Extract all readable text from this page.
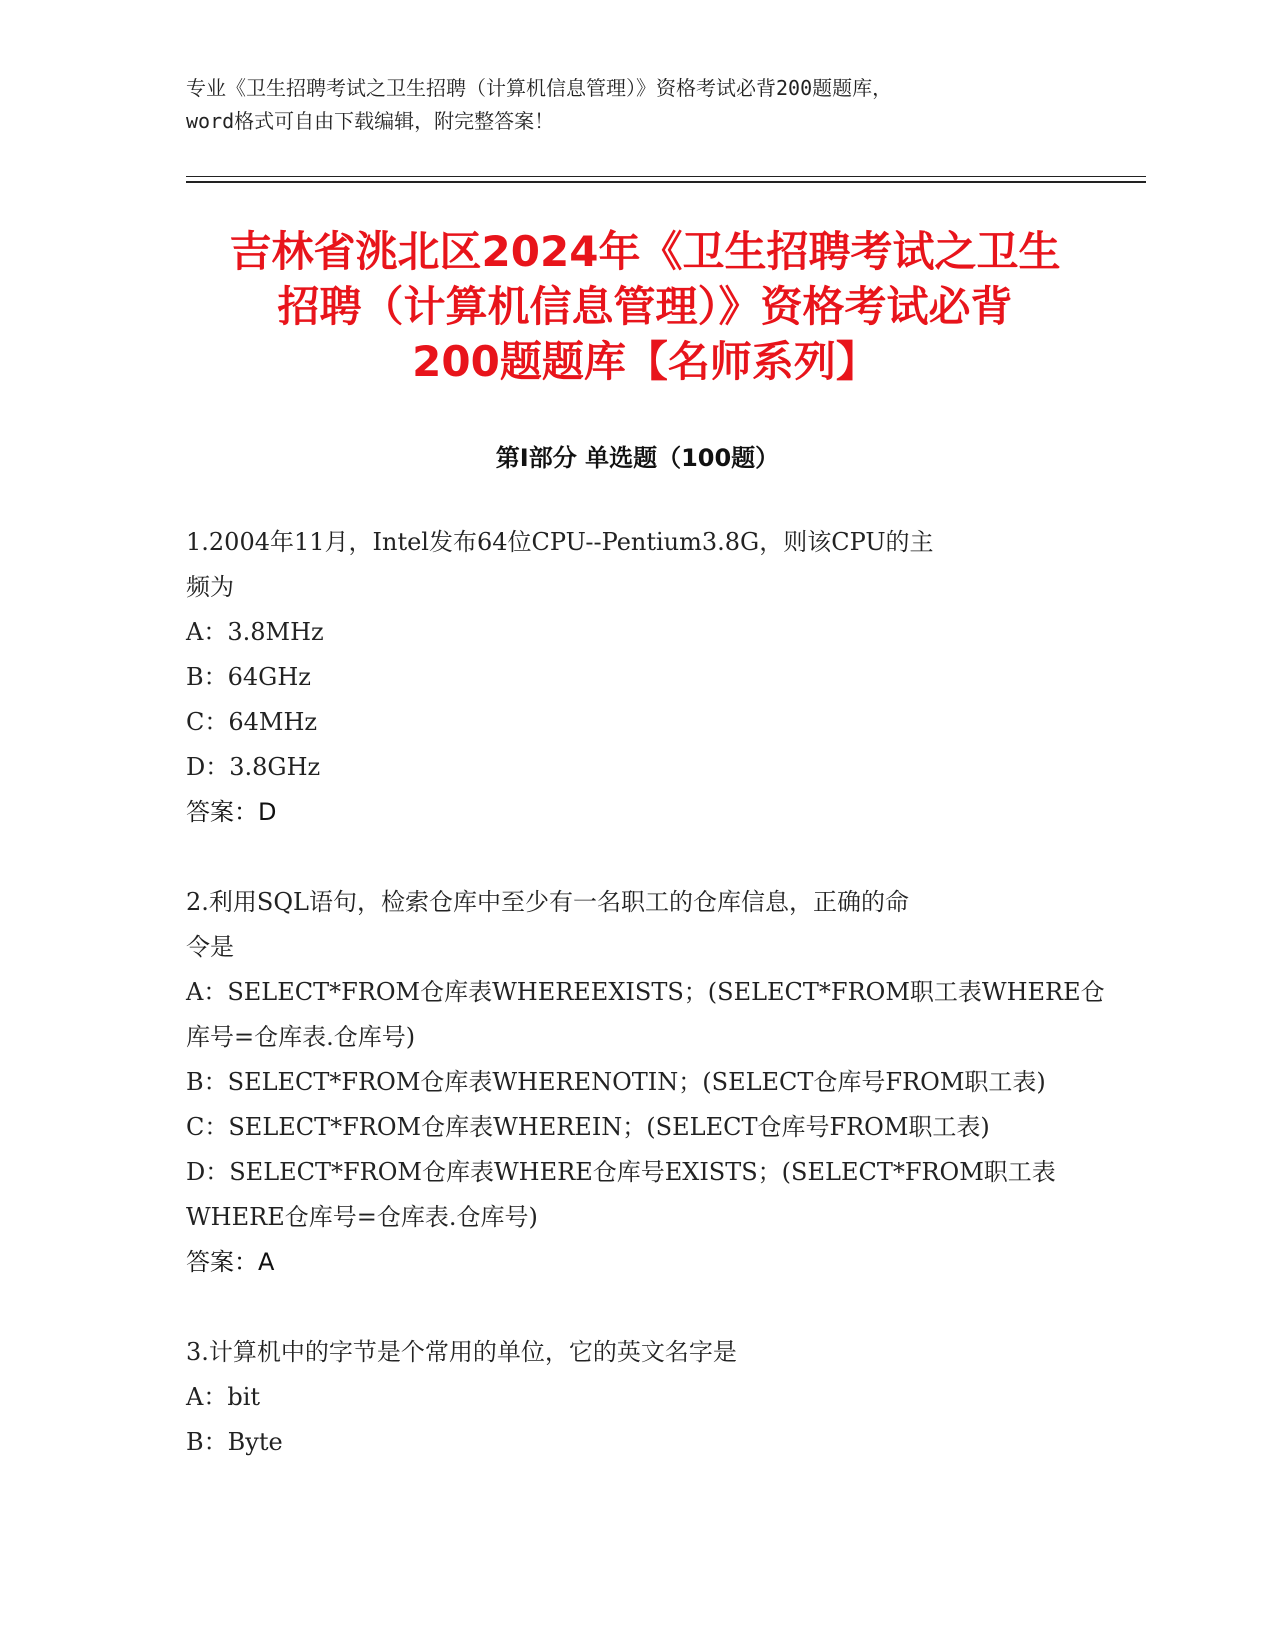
专业《卫生招聘考试之卫生招聘（计算机信息管理）》资格考试必背200题题库，
word格式可自由下载编辑，附完整答案！
吉林省洮北区2024年《卫生招聘考试之卫生
招聘（计算机信息管理）》资格考试必背
200题题库【名师系列】
第Ⅰ部分 单选题（100题）
1.2004年11月，Intel发布64位CPU--Pentium3.8G，则该CPU的主
频为
A：3.8MHz
B：64GHz
C：64MHz
D：3.8GHz
答案：D
2.利用SQL语句，检索仓库中至少有一名职工的仓库信息，正确的命
令是
A：SELECT*FROM仓库表WHEREEXISTS；(SELECT*FROM职工表WHERE仓
库号=仓库表.仓库号)
B：SELECT*FROM仓库表WHERENOTIN；(SELECT仓库号FROM职工表)
C：SELECT*FROM仓库表WHEREIN；(SELECT仓库号FROM职工表)
D：SELECT*FROM仓库表WHERE仓库号EXISTS；(SELECT*FROM职工表
WHERE仓库号=仓库表.仓库号)
答案：A
3.计算机中的字节是个常用的单位，它的英文名字是
A：bit
B：Byte
